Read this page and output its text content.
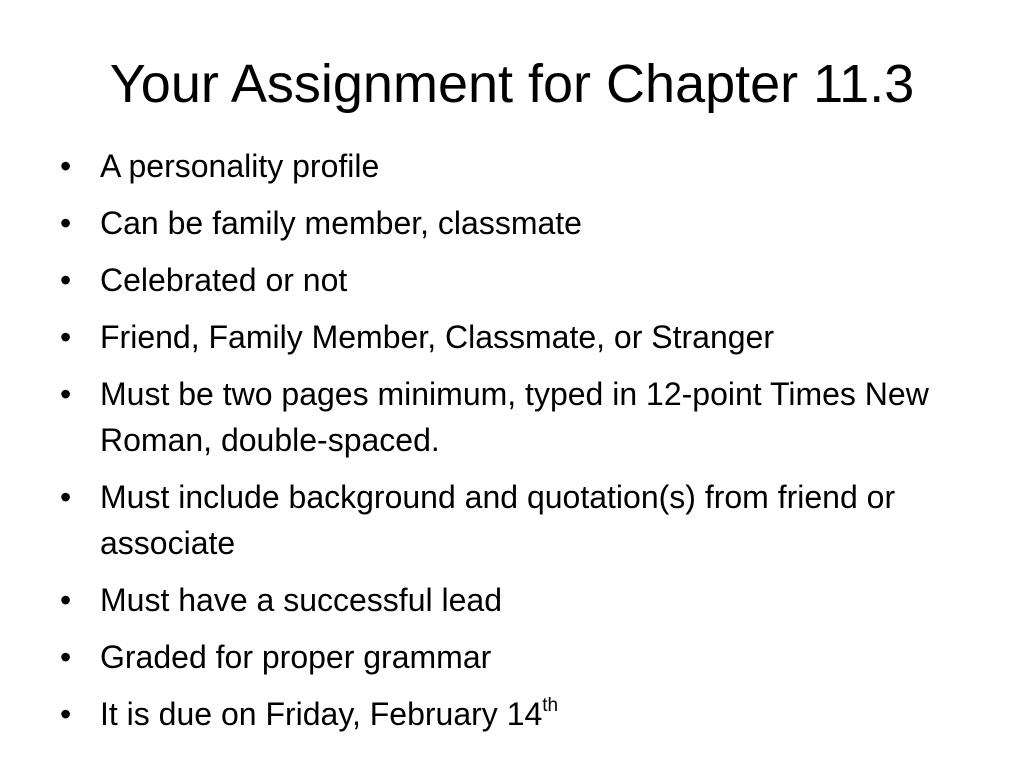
Your Assignment for Chapter 11.3
• A personality profile
• Can be family member, classmate
• Celebrated or not
• Friend, Family Member, Classmate, or Stranger
• Must be two pages minimum, typed in 12-point Times New Roman, double-spaced.
• Must include background and quotation(s) from friend or associate
• Must have a successful lead
• Graded for proper grammar
• It is due on Friday, February 14th
